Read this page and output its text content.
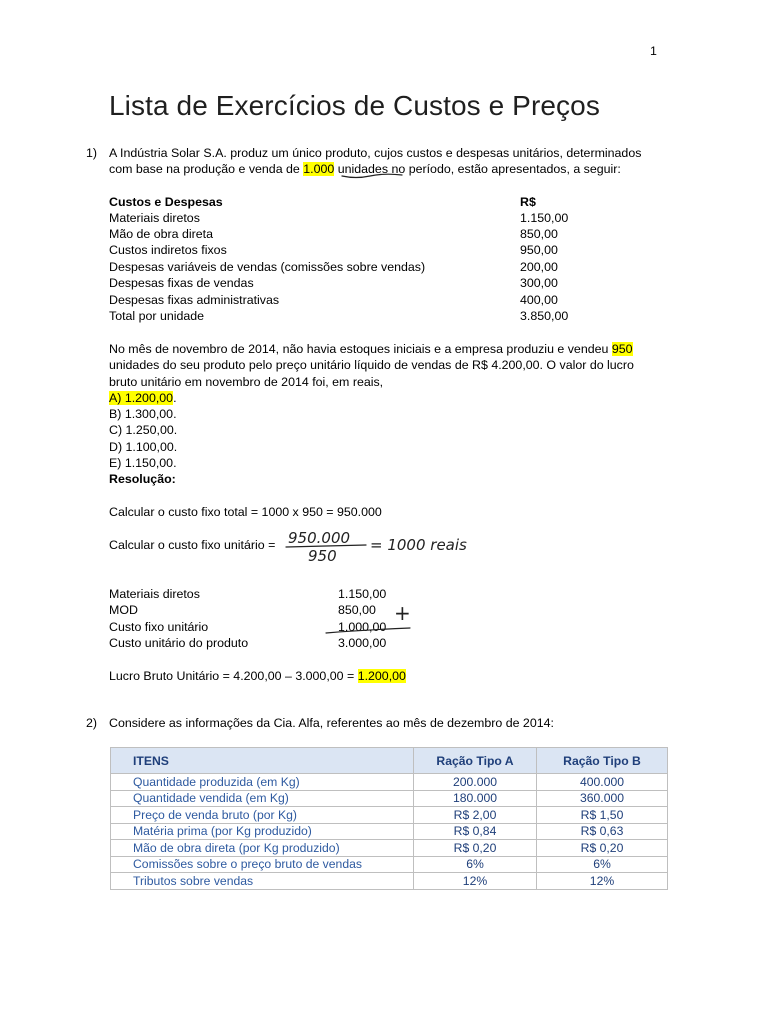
1
Lista de Exercícios de Custos e Preços
1) A Indústria Solar S.A. produz um único produto, cujos custos e despesas unitários, determinados
com base na produção e venda de 1.000 unidades no período, estão apresentados, a seguir:
Custos e Despesas	R$
Materiais diretos	1.150,00
Mão de obra direta	850,00
Custos indiretos fixos	950,00
Despesas variáveis de vendas (comissões sobre vendas)	200,00
Despesas fixas de vendas	300,00
Despesas fixas administrativas	400,00
Total por unidade	3.850,00
No mês de novembro de 2014, não havia estoques iniciais e a empresa produziu e vendeu 950
unidades do seu produto pelo preço unitário líquido de vendas de R$ 4.200,00. O valor do lucro
bruto unitário em novembro de 2014 foi, em reais,
A) 1.200,00.
B) 1.300,00.
C) 1.250,00.
D) 1.100,00.
E) 1.150,00.
Resolução:
Calcular o custo fixo total = 1000 x 950 = 950.000
Calcular o custo fixo unitário = 950.000
950
= 1000 reais
Materiais diretos	1.150,00
MOD	850,00
Custo fixo unitário	1.000,00
Custo unitário do produto	3.000,00
+
Lucro Bruto Unitário = 4.200,00 – 3.000,00 = 1.200,00
2) Considere as informações da Cia. Alfa, referentes ao mês de dezembro de 2014:
ITENS	Ração Tipo A	Ração Tipo B
Quantidade produzida (em Kg)	200.000	400.000
Quantidade vendida (em Kg)	180.000	360.000
Preço de venda bruto (por Kg)	R$ 2,00	R$ 1,50
Matéria prima (por Kg produzido)	R$ 0,84	R$ 0,63
Mão de obra direta (por Kg produzido)	R$ 0,20	R$ 0,20
Comissões sobre o preço bruto de vendas	6%	6%
Tributos sobre vendas	12%	12%
